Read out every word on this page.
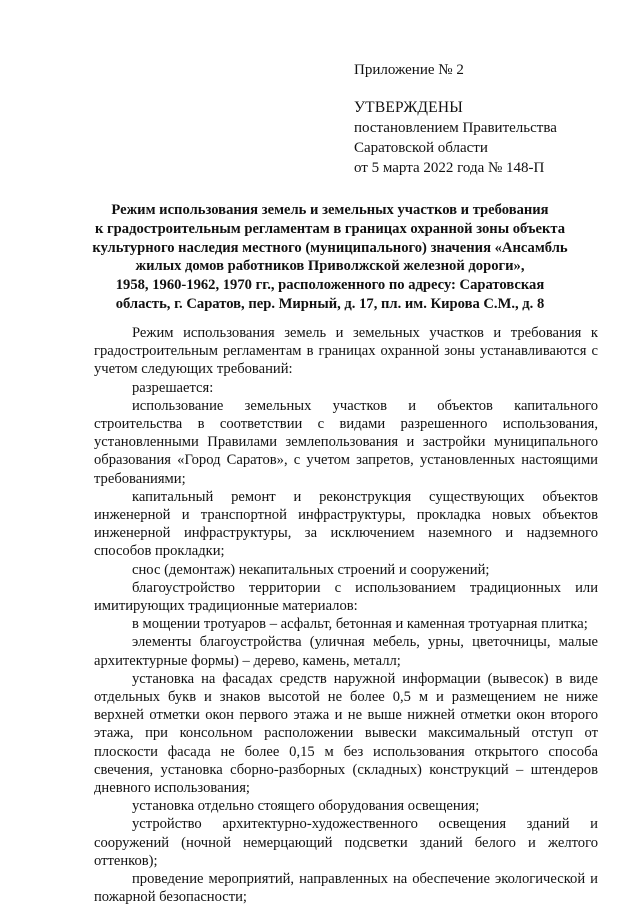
Приложение № 2
УТВЕРЖДЕНЫ
постановлением Правительства
Саратовской области
от 5 марта 2022 года № 148-П
Режим использования земель и земельных участков и требования
к градостроительным регламентам в границах охранной зоны объекта
культурного наследия местного (муниципального) значения «Ансамбль
жилых домов работников Приволжской железной дороги»,
1958, 1960-1962, 1970 гг., расположенного по адресу: Саратовская
область, г. Саратов, пер. Мирный, д. 17, пл. им. Кирова С.М., д. 8

Режим использования земель и земельных участков и требования к градостроительным регламентам в границах охранной зоны устанавливаются с учетом следующих требований:

разрешается:

использование земельных участков и объектов капитального строительства в соответствии с видами разрешенного использования, установленными Правилами землепользования и застройки муниципального образования «Город Саратов», с учетом запретов, установленных настоящими требованиями;

капитальный ремонт и реконструкция существующих объектов инженерной и транспортной инфраструктуры, прокладка новых объектов инженерной инфраструктуры, за исключением наземного и надземного способов прокладки;

снос (демонтаж) некапитальных строений и сооружений;

благоустройство территории с использованием традиционных или имитирующих традиционные материалов:

в мощении тротуаров – асфальт, бетонная и каменная тротуарная плитка;

элементы благоустройства (уличная мебель, урны, цветочницы, малые архитектурные формы) – дерево, камень, металл;

установка на фасадах средств наружной информации (вывесок) в виде отдельных букв и знаков высотой не более 0,5 м и размещением не ниже верхней отметки окон первого этажа и не выше нижней отметки окон второго этажа, при консольном расположении вывески максимальный отступ от плоскости фасада не более 0,15 м без использования открытого способа свечения, установка сборно-разборных (складных) конструкций – штендеров дневного использования;

установка отдельно стоящего оборудования освещения;

устройство архитектурно-художественного освещения зданий и сооружений (ночной немерцающий подсветки зданий белого и желтого оттенков);

проведение мероприятий, направленных на обеспечение экологической и пожарной безопасности;
